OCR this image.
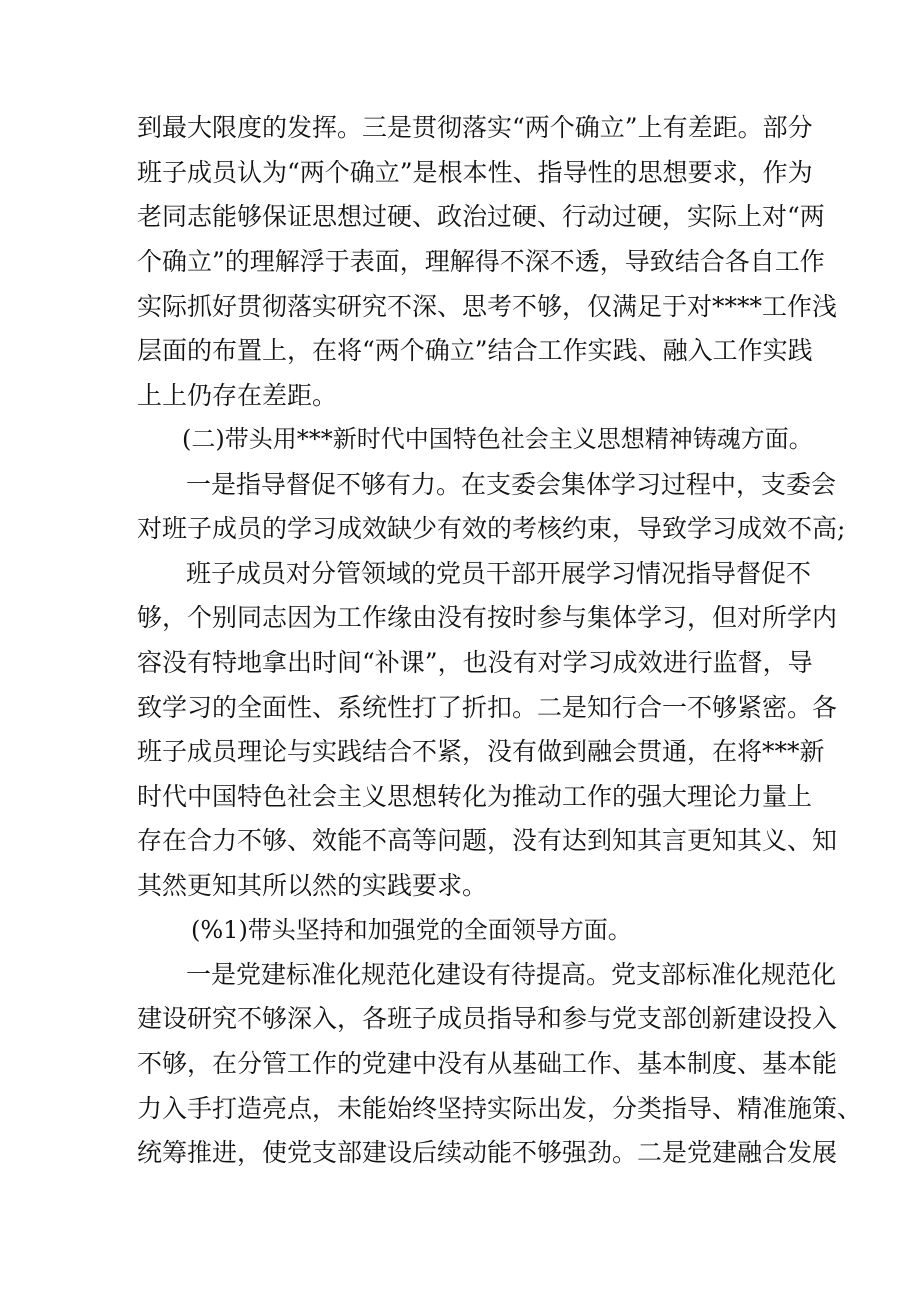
到最大限度的发挥。三是贯彻落实“两个确立”上有差距。部分
班子成员认为“两个确立”是根本性、指导性的思想要求，作为
老同志能够保证思想过硬、政治过硬、行动过硬，实际上对“两
个确立”的理解浮于表面，理解得不深不透，导致结合各自工作
实际抓好贯彻落实研究不深、思考不够，仅满足于对****工作浅
层面的布置上，在将“两个确立”结合工作实践、融入工作实践
上上仍存在差距。
(二)带头用***新时代中国特色社会主义思想精神铸魂方面。
一是指导督促不够有力。在支委会集体学习过程中，支委会
对班子成员的学习成效缺少有效的考核约束，导致学习成效不高;
班子成员对分管领域的党员干部开展学习情况指导督促不
够，个别同志因为工作缘由没有按时参与集体学习，但对所学内
容没有特地拿出时间“补课”，也没有对学习成效进行监督，导
致学习的全面性、系统性打了折扣。二是知行合一不够紧密。各
班子成员理论与实践结合不紧，没有做到融会贯通，在将***新
时代中国特色社会主义思想转化为推动工作的强大理论力量上
存在合力不够、效能不高等问题，没有达到知其言更知其义、知
其然更知其所以然的实践要求。
(%1)带头坚持和加强党的全面领导方面。
一是党建标准化规范化建设有待提高。党支部标准化规范化
建设研究不够深入，各班子成员指导和参与党支部创新建设投入
不够，在分管工作的党建中没有从基础工作、基本制度、基本能
力入手打造亮点，未能始终坚持实际出发，分类指导、精准施策、
统筹推进，使党支部建设后续动能不够强劲。二是党建融合发展
